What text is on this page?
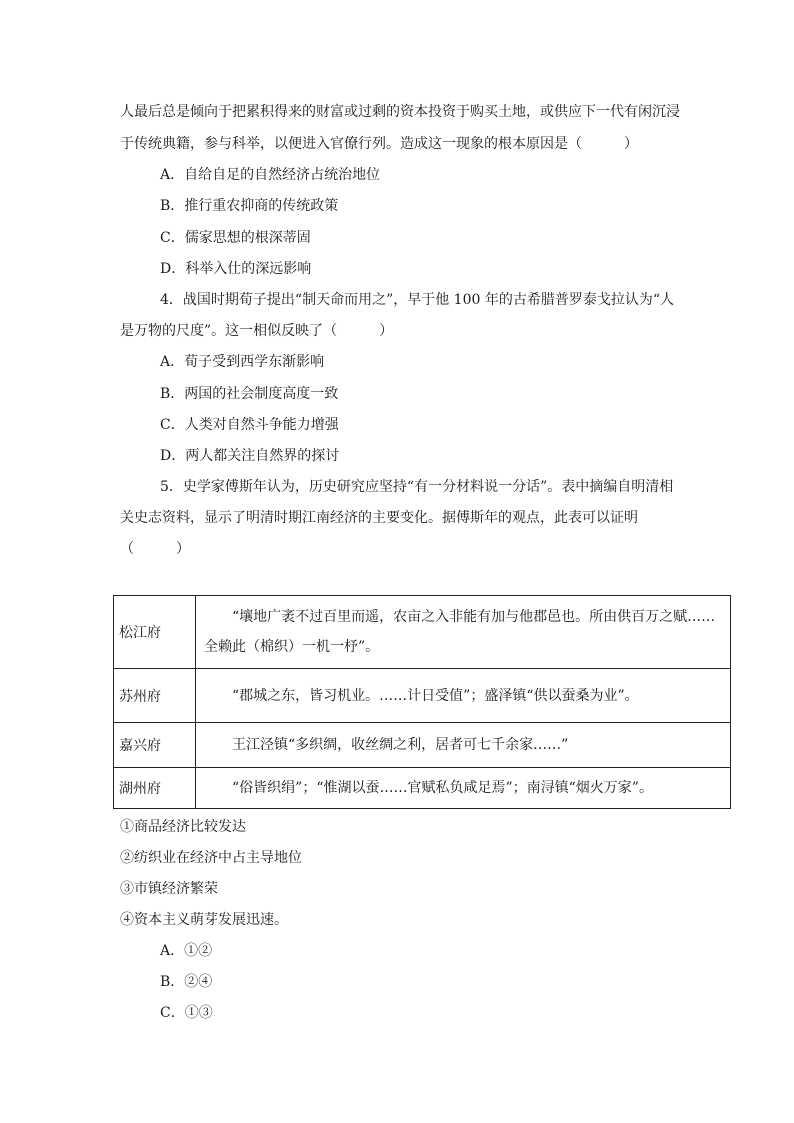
人最后总是倾向于把累积得来的财富或过剩的资本投资于购买土地，或供应下一代有闲沉浸
于传统典籍，参与科举，以便进入官僚行列。造成这一现象的根本原因是（　　　）
A．自给自足的自然经济占统治地位
B．推行重农抑商的传统政策
C．儒家思想的根深蒂固
D．科举入仕的深远影响
4．战国时期荀子提出“制天命而用之”，早于他 100 年的古希腊普罗泰戈拉认为“人
是万物的尺度”。这一相似反映了（　　　）
A．荀子受到西学东渐影响
B．两国的社会制度高度一致
C．人类对自然斗争能力增强
D．两人都关注自然界的探讨
5．史学家傅斯年认为，历史研究应坚持“有一分材料说一分话”。表中摘编自明清相
关史志资料，显示了明清时期江南经济的主要变化。据傅斯年的观点，此表可以证明
（　　　）
松江府	“壤地广袤不过百里而遥，农亩之入非能有加与他郡邑也。所由供百万之赋……
全赖此（棉织）一机一杼”。

苏州府	“郡城之东，皆习机业。……计日受值”；盛泽镇“供以蚕桑为业”。

嘉兴府	王江泾镇“多织绸，收丝绸之利，居者可七千余家……”

湖州府	“俗皆织绢”；“惟湖以蚕……官赋私负咸足焉”；南浔镇“烟火万家”。
①商品经济比较发达
②纺织业在经济中占主导地位
③市镇经济繁荣
④资本主义萌芽发展迅速。
A．①②
B．②④
C．①③
